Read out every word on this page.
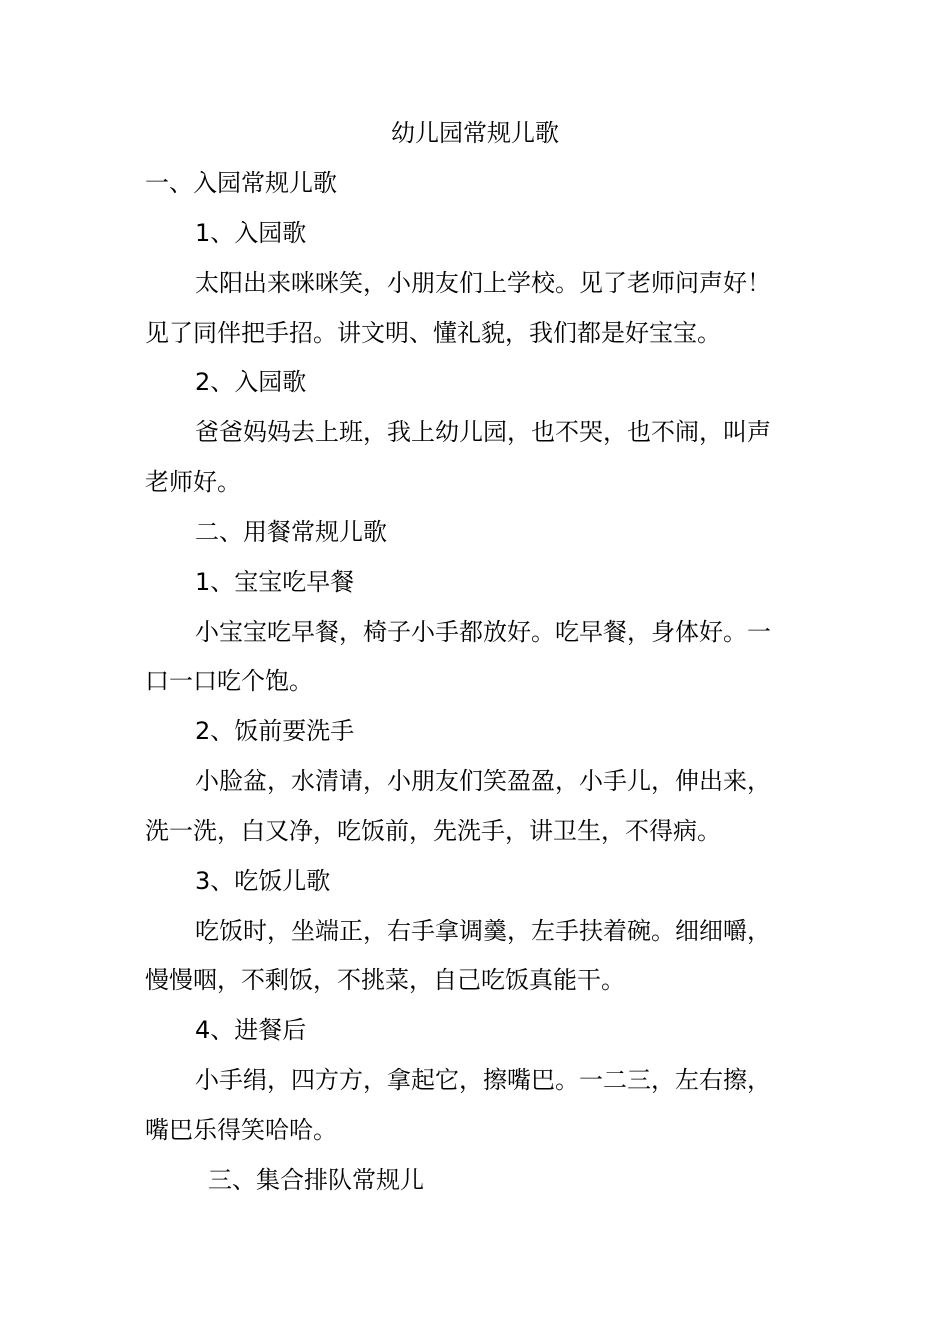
幼儿园常规儿歌
一、入园常规儿歌
1、入园歌
太阳出来咪咪笑，小朋友们上学校。见了老师问声好！
见了同伴把手招。讲文明、懂礼貌，我们都是好宝宝。
2、入园歌
爸爸妈妈去上班，我上幼儿园，也不哭，也不闹，叫声
老师好。
二、用餐常规儿歌
1、宝宝吃早餐
小宝宝吃早餐，椅子小手都放好。吃早餐，身体好。一
口一口吃个饱。
2、饭前要洗手
小脸盆，水清请，小朋友们笑盈盈，小手儿，伸出来，
洗一洗，白又净，吃饭前，先洗手，讲卫生，不得病。
3、吃饭儿歌
吃饭时，坐端正，右手拿调羹，左手扶着碗。细细嚼，
慢慢咽，不剩饭，不挑菜，自己吃饭真能干。
4、进餐后
小手绢，四方方，拿起它，擦嘴巴。一二三，左右擦，
嘴巴乐得笑哈哈。
三、集合排队常规儿
